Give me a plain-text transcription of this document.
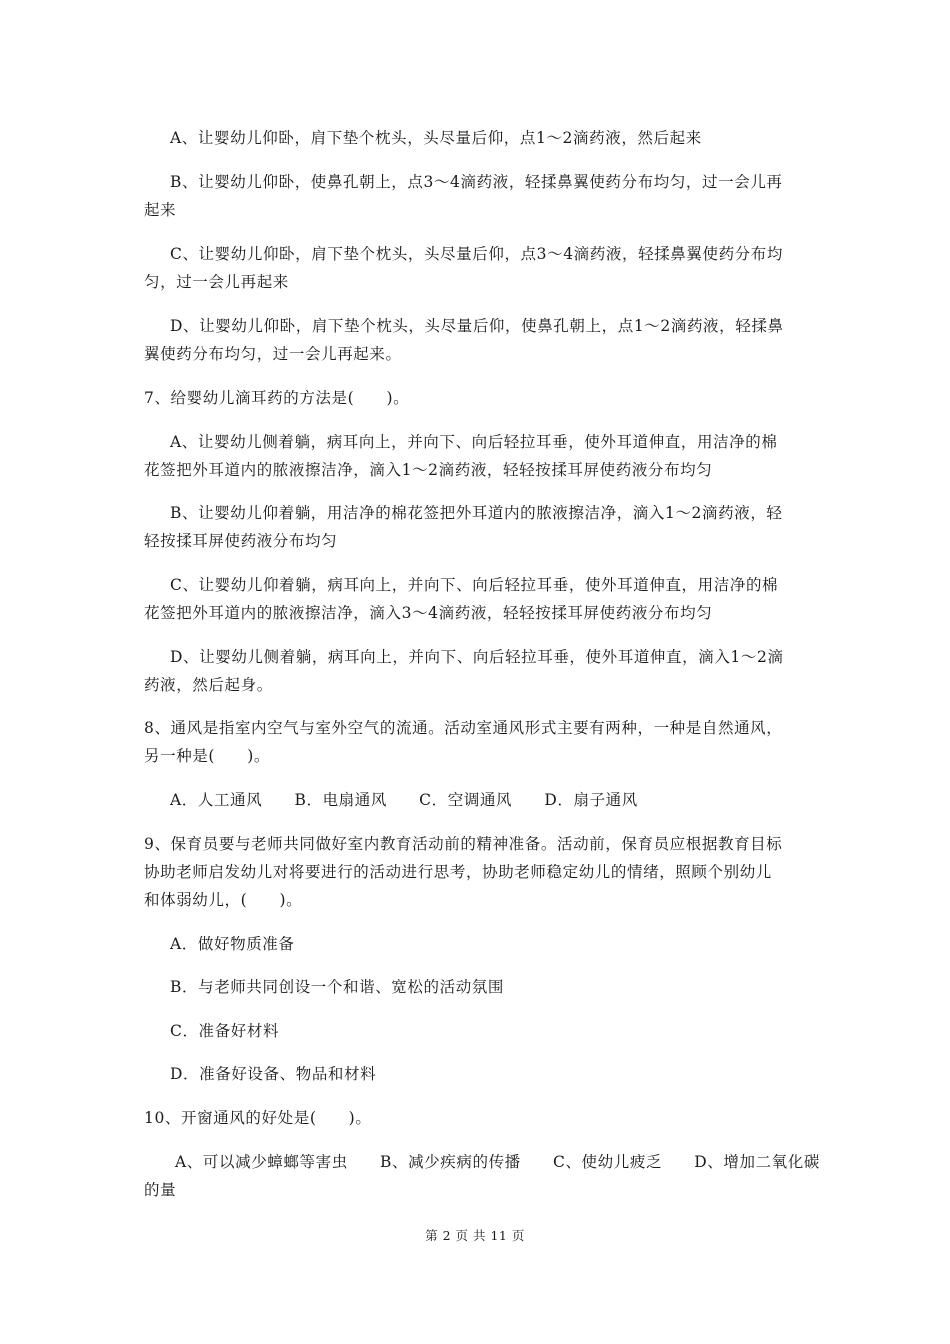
A、让婴幼儿仰卧，肩下垫个枕头，头尽量后仰，点1～2滴药液，然后起来
B、让婴幼儿仰卧，使鼻孔朝上，点3～4滴药液，轻揉鼻翼使药分布均匀，过一会儿再
起来
C、让婴幼儿仰卧，肩下垫个枕头，头尽量后仰，点3～4滴药液，轻揉鼻翼使药分布均
匀，过一会儿再起来
D、让婴幼儿仰卧，肩下垫个枕头，头尽量后仰，使鼻孔朝上，点1～2滴药液，轻揉鼻
翼使药分布均匀，过一会儿再起来。
7、给婴幼儿滴耳药的方法是(　　)。
A、让婴幼儿侧着躺，病耳向上，并向下、向后轻拉耳垂，使外耳道伸直，用洁净的棉
花签把外耳道内的脓液擦洁净，滴入1～2滴药液，轻轻按揉耳屏使药液分布均匀
B、让婴幼儿仰着躺，用洁净的棉花签把外耳道内的脓液擦洁净，滴入1～2滴药液，轻
轻按揉耳屏使药液分布均匀
C、让婴幼儿仰着躺，病耳向上，并向下、向后轻拉耳垂，使外耳道伸直，用洁净的棉
花签把外耳道内的脓液擦洁净，滴入3～4滴药液，轻轻按揉耳屏使药液分布均匀
D、让婴幼儿侧着躺，病耳向上，并向下、向后轻拉耳垂，使外耳道伸直，滴入1～2滴
药液，然后起身。
8、通风是指室内空气与室外空气的流通。活动室通风形式主要有两种，一种是自然通风，
另一种是(　　)。
A．人工通风　　B．电扇通风　　C．空调通风　　D．扇子通风
9、保育员要与老师共同做好室内教育活动前的精神准备。活动前，保育员应根据教育目标
协助老师启发幼儿对将要进行的活动进行思考，协助老师稳定幼儿的情绪，照顾个别幼儿
和体弱幼儿，(　　)。
A．做好物质准备
B．与老师共同创设一个和谐、宽松的活动氛围
C．准备好材料
D．准备好设备、物品和材料
10、开窗通风的好处是(　　)。
A、可以减少蟑螂等害虫　　B、减少疾病的传播　　C、使幼儿疲乏　　D、增加二氧化碳
的量
第 2 页 共 11 页
